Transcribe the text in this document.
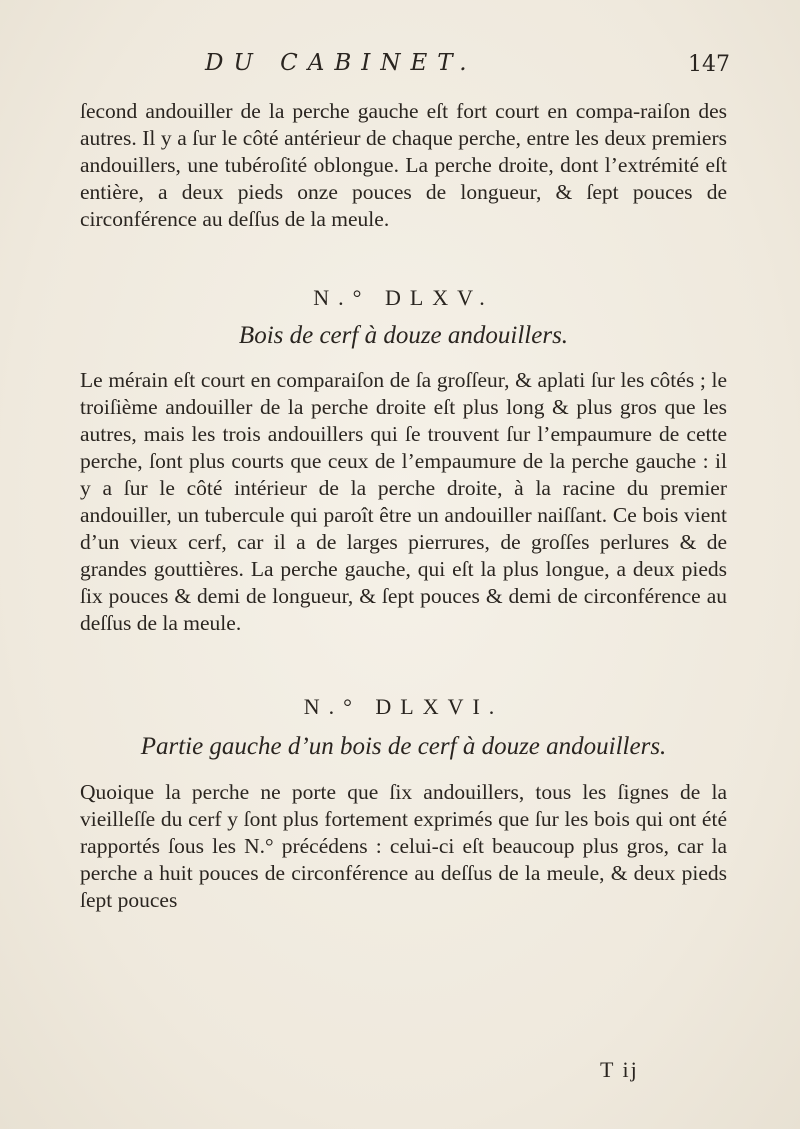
DU CABINET.	147

ſecond andouiller de la perche gauche eſt fort court en compa-raiſon des autres. Il y a ſur le côté antérieur de chaque perche, entre les deux premiers andouillers, une tubéroſité oblongue. La perche droite, dont l’extrémité eſt entière, a deux pieds onze pouces de longueur, & ſept pouces de circonférence au deſſus de la meule.

N.° DLXV.

Bois de cerf à douze andouillers.

Le mérain eſt court en comparaiſon de ſa groſſeur, & aplati ſur les côtés ; le troiſième andouiller de la perche droite eſt plus long & plus gros que les autres, mais les trois andouillers qui ſe trouvent ſur l’empaumure de cette perche, ſont plus courts que ceux de l’empaumure de la perche gauche : il y a ſur le côté intérieur de la perche droite, à la racine du premier andouiller, un tubercule qui paroît être un andouiller naiſſant. Ce bois vient d’un vieux cerf, car il a de larges pierrures, de groſſes perlures & de grandes gouttières. La perche gauche, qui eſt la plus longue, a deux pieds ſix pouces & demi de longueur, & ſept pouces & demi de circonférence au deſſus de la meule.

N.° DLXVI.

Partie gauche d’un bois de cerf à douze andouillers.

Quoique la perche ne porte que ſix andouillers, tous les ſignes de la vieilleſſe du cerf y ſont plus fortement exprimés que ſur les bois qui ont été rapportés ſous les N.° précédens : celui-ci eſt beaucoup plus gros, car la perche a huit pouces de circonférence au deſſus de la meule, & deux pieds ſept pouces

T ij
